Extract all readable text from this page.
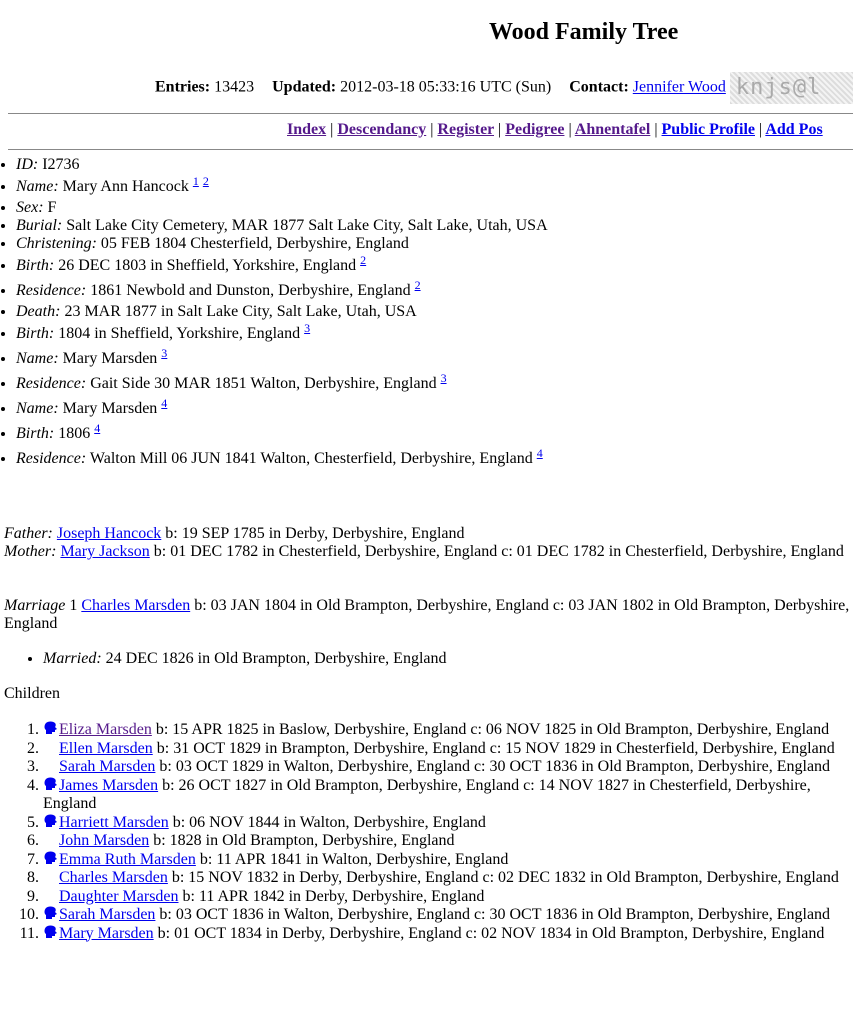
Wood Family Tree
Entries: 13423 Updated: 2012-03-18 05:33:16 UTC (Sun) Contact: Jennifer Wood knjs@l
Index | Descendancy | Register | Pedigree | Ahnentafel | Public Profile | Add Pos
• ID: I2736
• Name: Mary Ann Hancock $^1$ $^2$
• Sex: F
• Burial: Salt Lake City Cemetery, MAR 1877 Salt Lake City, Salt Lake, Utah, USA
• Christening: 05 FEB 1804 Chesterfield, Derbyshire, England
• Birth: 26 DEC 1803 in Sheffield, Yorkshire, England $^2$
• Residence: 1861 Newbold and Dunston, Derbyshire, England $^2$
• Death: 23 MAR 1877 in Salt Lake City, Salt Lake, Utah, USA
• Birth: 1804 in Sheffield, Yorkshire, England $^3$
• Name: Mary Marsden $^3$
• Residence: Gait Side 30 MAR 1851 Walton, Derbyshire, England $^3$
• Name: Mary Marsden $^4$
• Birth: 1806 $^4$
• Residence: Walton Mill 06 JUN 1841 Walton, Chesterfield, Derbyshire, England $^4$
Father: Joseph Hancock b: 19 SEP 1785 in Derby, Derbyshire, England
Mother: Mary Jackson b: 01 DEC 1782 in Chesterfield, Derbyshire, England c: 01 DEC 1782 in Chesterfield, Derbyshire, England
Marriage 1 Charles Marsden b: 03 JAN 1804 in Old Brampton, Derbyshire, England c: 03 JAN 1802 in Old Brampton, Derbyshire, England
• Married: 24 DEC 1826 in Old Brampton, Derbyshire, England
Children
1. Eliza Marsden b: 15 APR 1825 in Baslow, Derbyshire, England c: 06 NOV 1825 in Old Brampton, Derbyshire, England
2. Ellen Marsden b: 31 OCT 1829 in Brampton, Derbyshire, England c: 15 NOV 1829 in Chesterfield, Derbyshire, England
3. Sarah Marsden b: 03 OCT 1829 in Walton, Derbyshire, England c: 30 OCT 1836 in Old Brampton, Derbyshire, England
4. James Marsden b: 26 OCT 1827 in Old Brampton, Derbyshire, England c: 14 NOV 1827 in Chesterfield, Derbyshire, England
5. Harriett Marsden b: 06 NOV 1844 in Walton, Derbyshire, England
6. John Marsden b: 1828 in Old Brampton, Derbyshire, England
7. Emma Ruth Marsden b: 11 APR 1841 in Walton, Derbyshire, England
8. Charles Marsden b: 15 NOV 1832 in Derby, Derbyshire, England c: 02 DEC 1832 in Old Brampton, Derbyshire, England
9. Daughter Marsden b: 11 APR 1842 in Derby, Derbyshire, England
10. Sarah Marsden b: 03 OCT 1836 in Walton, Derbyshire, England c: 30 OCT 1836 in Old Brampton, Derbyshire, England
11. Mary Marsden b: 01 OCT 1834 in Derby, Derbyshire, England c: 02 NOV 1834 in Old Brampton, Derbyshire, England
